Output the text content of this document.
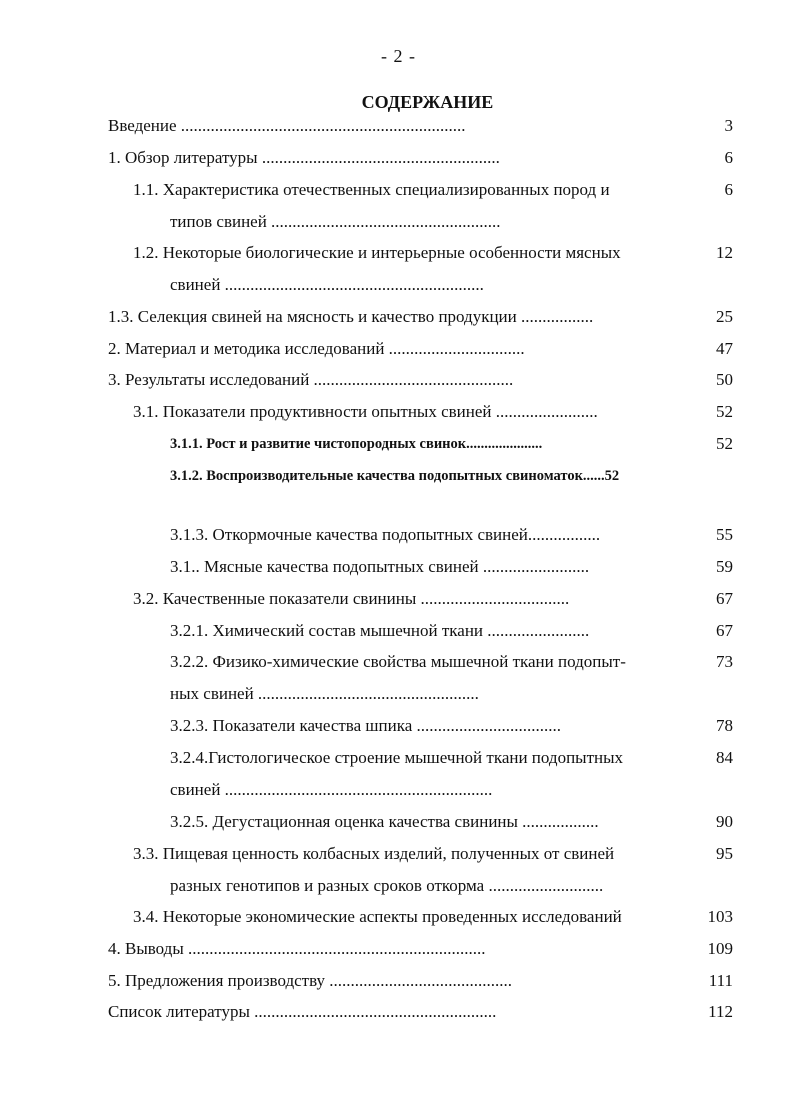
- 2 -
СОДЕРЖАНИЕ
Введение ...................................................................	3
1. Обзор литературы ........................................................	6
1.1. Характеристика отечественных специализированных пород и	6
типов свиней ......................................................
1.2. Некоторые биологические и интерьерные особенности мясных	12
свиней .............................................................
1.3. Селекция свиней на мясность и качество продукции .................	25
2. Материал и методика исследований ................................	47
3. Результаты исследований ...............................................	50
3.1. Показатели продуктивности опытных свиней ........................	52
3.1.1. Рост и развитие чистопородных свинок.....................	52
3.1.2. Воспроизводительные качества подопытных свиноматок......52
3.1.3. Откормочные качества подопытных свиней.................	55
3.1.. Мясные качества подопытных свиней .........................	59
3.2. Качественные показатели свинины ...................................	67
3.2.1. Химический состав мышечной ткани ........................	67
3.2.2. Физико-химические свойства мышечной ткани подопыт-	73
ных свиней ....................................................
3.2.3. Показатели качества шпика ..................................	78
3.2.4.Гистологическое строение мышечной ткани подопытных	84
свиней ...............................................................
3.2.5. Дегустационная оценка качества свинины ..................	90
3.3. Пищевая ценность колбасных изделий, полученных от свиней	95
разных генотипов и разных сроков откорма ...........................
3.4. Некоторые экономические аспекты проведенных исследований	103
4. Выводы ......................................................................	109
5. Предложения производству ...........................................	111
Список литературы .........................................................	112
